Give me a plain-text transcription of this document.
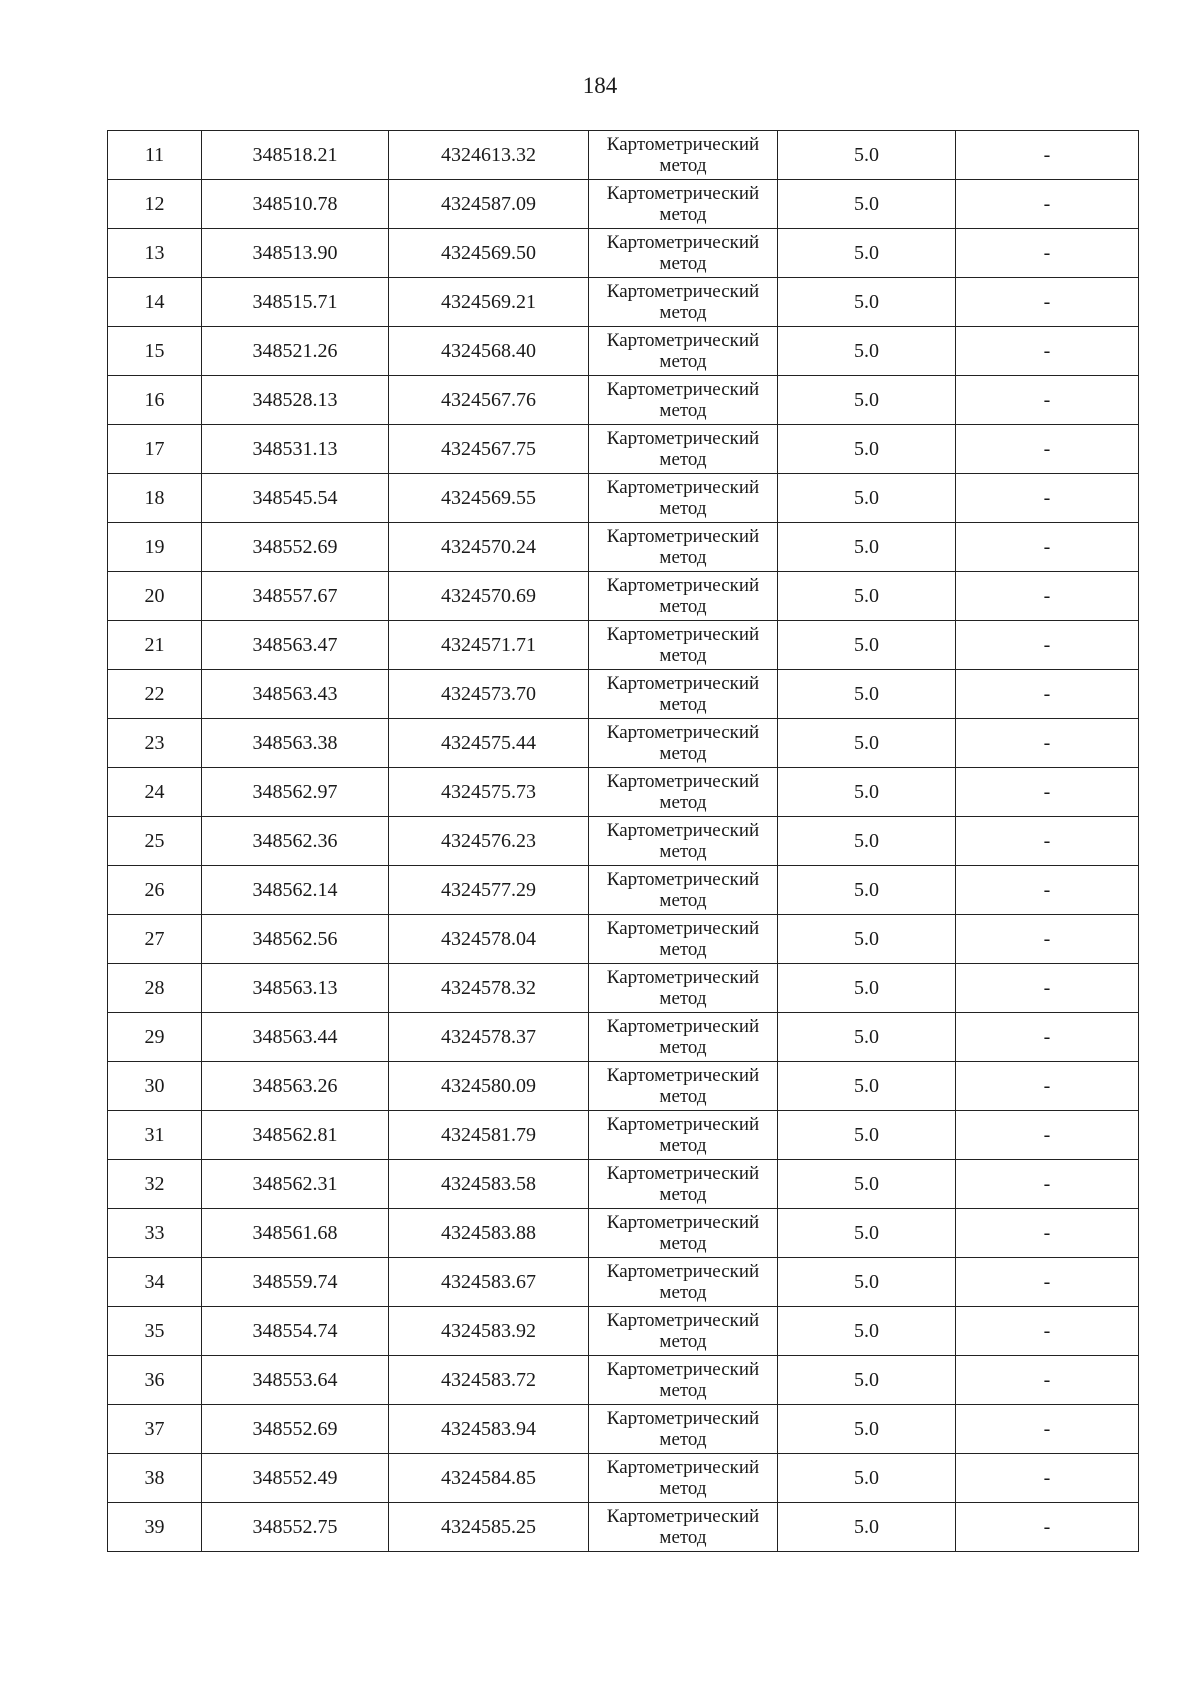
184
11	348518.21	4324613.32	Картометрический
метод	5.0	-
12	348510.78	4324587.09	Картометрический
метод	5.0	-
13	348513.90	4324569.50	Картометрический
метод	5.0	-
14	348515.71	4324569.21	Картометрический
метод	5.0	-
15	348521.26	4324568.40	Картометрический
метод	5.0	-
16	348528.13	4324567.76	Картометрический
метод	5.0	-
17	348531.13	4324567.75	Картометрический
метод	5.0	-
18	348545.54	4324569.55	Картометрический
метод	5.0	-
19	348552.69	4324570.24	Картометрический
метод	5.0	-
20	348557.67	4324570.69	Картометрический
метод	5.0	-
21	348563.47	4324571.71	Картометрический
метод	5.0	-
22	348563.43	4324573.70	Картометрический
метод	5.0	-
23	348563.38	4324575.44	Картометрический
метод	5.0	-
24	348562.97	4324575.73	Картометрический
метод	5.0	-
25	348562.36	4324576.23	Картометрический
метод	5.0	-
26	348562.14	4324577.29	Картометрический
метод	5.0	-
27	348562.56	4324578.04	Картометрический
метод	5.0	-
28	348563.13	4324578.32	Картометрический
метод	5.0	-
29	348563.44	4324578.37	Картометрический
метод	5.0	-
30	348563.26	4324580.09	Картометрический
метод	5.0	-
31	348562.81	4324581.79	Картометрический
метод	5.0	-
32	348562.31	4324583.58	Картометрический
метод	5.0	-
33	348561.68	4324583.88	Картометрический
метод	5.0	-
34	348559.74	4324583.67	Картометрический
метод	5.0	-
35	348554.74	4324583.92	Картометрический
метод	5.0	-
36	348553.64	4324583.72	Картометрический
метод	5.0	-
37	348552.69	4324583.94	Картометрический
метод	5.0	-
38	348552.49	4324584.85	Картометрический
метод	5.0	-
39	348552.75	4324585.25	Картометрический
метод	5.0	-
